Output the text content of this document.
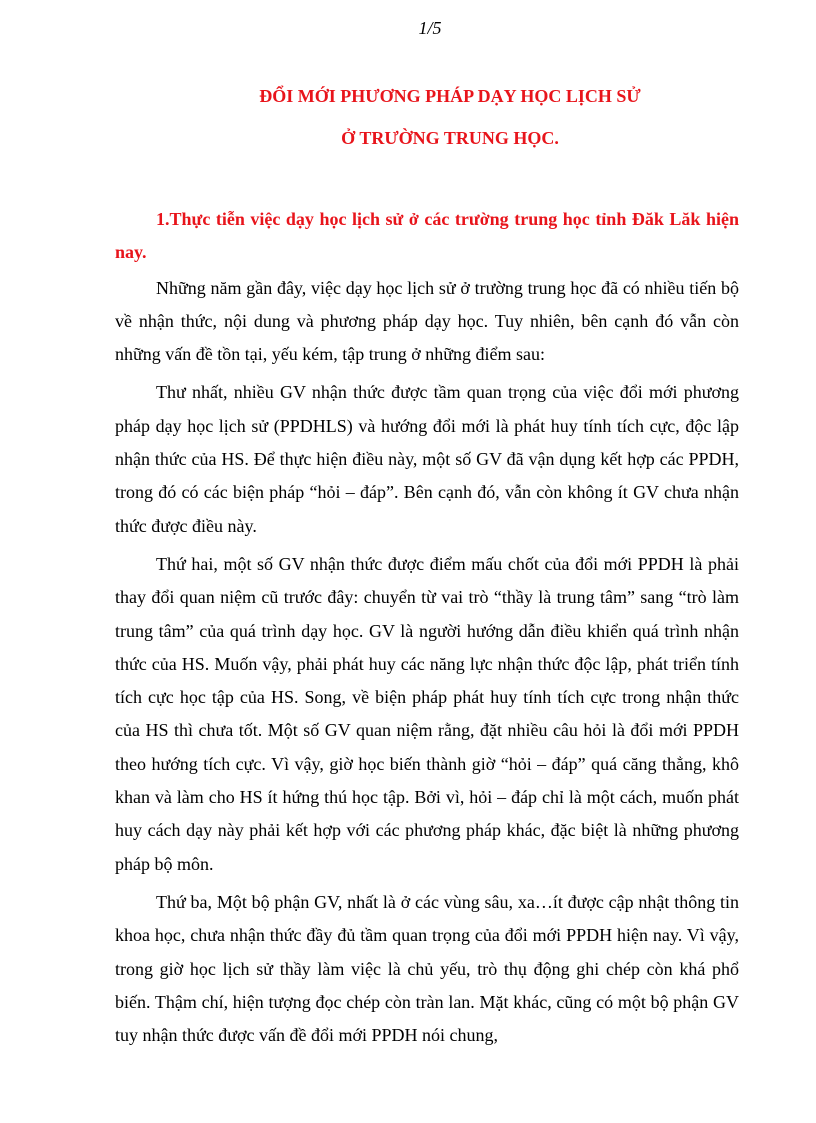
1/5
ĐỔI MỚI PHƯƠNG PHÁP DẠY HỌC LỊCH SỬ
Ở TRƯỜNG TRUNG HỌC.

1.Thực tiễn việc dạy học lịch sử ở các trường trung học tỉnh Đăk Lăk hiện nay.

Những năm gần đây, việc dạy học lịch sử ở trường trung học đã có nhiều tiến bộ về nhận thức, nội dung và phương pháp dạy học. Tuy nhiên, bên cạnh đó vẫn còn những vấn đề tồn tại, yếu kém, tập trung ở những điểm sau:

Thư nhất, nhiều GV nhận thức được tầm quan trọng của việc đổi mới phương pháp dạy học lịch sử (PPDHLS) và hướng đổi mới là phát huy tính tích cực, độc lập nhận thức của HS. Để thực hiện điều này, một số GV đã vận dụng kết hợp các PPDH, trong đó có các biện pháp “hỏi – đáp”. Bên cạnh đó, vẫn còn không ít GV chưa nhận thức được điều này.

Thứ hai, một số GV nhận thức được điểm mấu chốt của đổi mới PPDH là phải thay đổi quan niệm cũ trước đây: chuyển từ vai trò “thầy là trung tâm” sang “trò làm trung tâm” của quá trình dạy học. GV là người hướng dẫn điều khiển quá trình nhận thức của HS. Muốn vậy, phải phát huy các năng lực nhận thức độc lập, phát triển tính tích cực học tập của HS. Song, về biện pháp phát huy tính tích cực trong nhận thức của HS thì chưa tốt. Một số GV quan niệm rằng, đặt nhiều câu hỏi là đổi mới PPDH theo hướng tích cực. Vì vậy, giờ học biến thành giờ “hỏi – đáp” quá căng thẳng, khô khan và làm cho HS ít hứng thú học tập. Bởi vì, hỏi – đáp chỉ là một cách, muốn phát huy cách dạy này phải kết hợp với các phương pháp khác, đặc biệt là những phương pháp bộ môn.

Thứ ba, Một bộ phận GV, nhất là ở các vùng sâu, xa…ít được cập nhật thông tin khoa học, chưa nhận thức đầy đủ tầm quan trọng của đổi mới PPDH hiện nay. Vì vậy, trong giờ học lịch sử thầy làm việc là chủ yếu, trò thụ động ghi chép còn khá phổ biến. Thậm chí, hiện tượng đọc chép còn tràn lan. Mặt khác, cũng có một bộ phận GV tuy nhận thức được vấn đề đổi mới PPDH nói chung,
